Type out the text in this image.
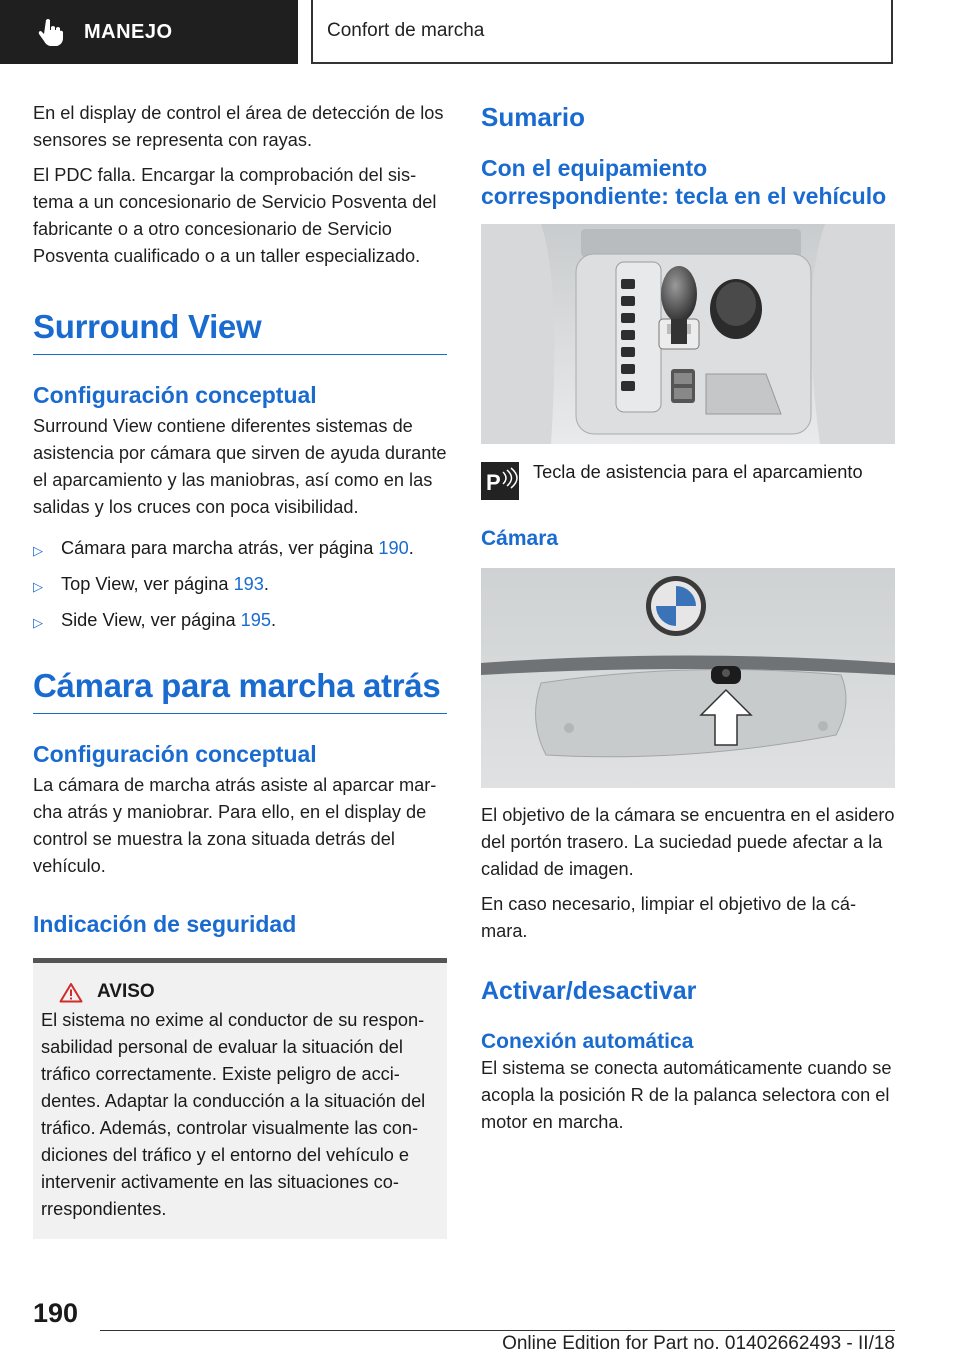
MANEJO	Confort de marcha

En el display de control el área de detección de los sensores se representa con rayas.

El PDC falla. Encargar la comprobación del sistema a un concesionario de Servicio Posventa del fabricante o a otro concesionario de Servicio Posventa cualificado o a un taller especializado.

Surround View
Configuración conceptual

Surround View contiene diferentes sistemas de asistencia por cámara que sirven de ayuda durante el aparcamiento y las maniobras, así como en las salidas y los cruces con poca visibilidad.

▷ Cámara para marcha atrás, ver página 190.
▷ Top View, ver página 193.
▷ Side View, ver página 195.
Cámara para marcha atrás
Configuración conceptual

La cámara de marcha atrás asiste al aparcar marcha atrás y maniobrar. Para ello, en el display de control se muestra la zona situada detrás del vehículo.

Indicación de seguridad
AVISO

El sistema no exime al conductor de su responsabilidad personal de evaluar la situación del tráfico correctamente. Existe peligro de accidentes. Adaptar la conducción a la situación del tráfico. Además, controlar visualmente las condiciones del tráfico y el entorno del vehículo e intervenir activamente en las situaciones correspondientes.

Sumario
Con el equipamiento correspondiente: tecla en el vehículo
P Tecla de asistencia para el aparcamiento
Cámara

El objetivo de la cámara se encuentra en el asidero del portón trasero. La suciedad puede afectar a la calidad de imagen.

En caso necesario, limpiar el objetivo de la cámara.

Activar/desactivar
Conexión automática

El sistema se conecta automáticamente cuando se acopla la posición R de la palanca selectora con el motor en marcha.

190
Online Edition for Part no. 01402662493 - II/18
